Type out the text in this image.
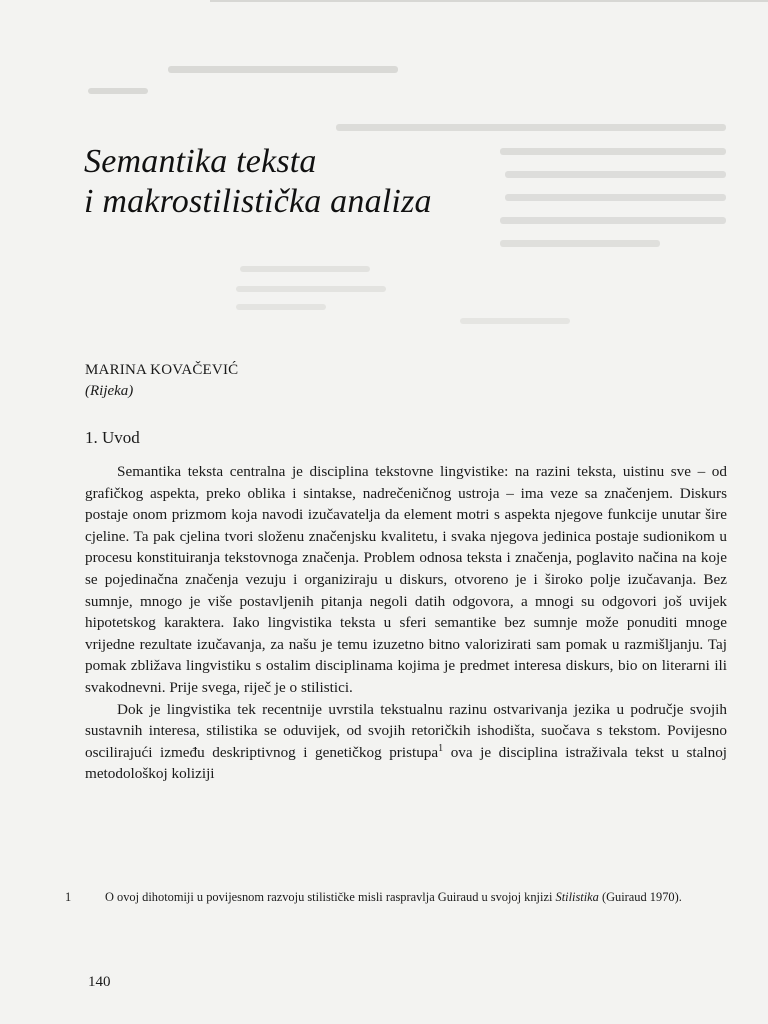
Semantika teksta
i makrostilistička analiza
MARINA KOVAČEVIĆ
(Rijeka)
1. Uvod

Semantika teksta centralna je disciplina tekstovne lingvistike: na razini teksta, uistinu sve – od grafičkog aspekta, preko oblika i sintakse, nadrečeničnog ustroja – ima veze sa značenjem. Diskurs postaje onom prizmom koja navodi izučavatelja da element motri s aspekta njegove funkcije unutar šire cjeline. Ta pak cjelina tvori složenu značenjsku kvalitetu, i svaka njegova jedinica postaje sudionikom u procesu konstituiranja tekstovnoga značenja. Problem odnosa teksta i značenja, poglavito načina na koje se pojedinačna značenja vezuju i organiziraju u diskurs, otvoreno je i široko polje izučavanja. Bez sumnje, mnogo je više postavljenih pitanja negoli datih odgovora, a mnogi su odgovori još uvijek hipotetskog karaktera. Iako lingvistika teksta u sferi semantike bez sumnje može ponuditi mnoge vrijedne rezultate izučavanja, za našu je temu izuzetno bitno valorizirati sam pomak u razmišljanju. Taj pomak zbližava lingvistiku s ostalim disciplinama kojima je predmet interesa diskurs, bio on literarni ili svakodnevni. Prije svega, riječ je o stilistici.

Dok je lingvistika tek recentnije uvrstila tekstualnu razinu ostvarivanja jezika u područje svojih sustavnih interesa, stilistika se oduvijek, od svojih retoričkih ishodišta, suočava s tekstom. Povijesno oscilirajući između deskriptivnog i genetičkog pristupa$^1$ ova je disciplina istraživala tekst u stalnoj metodološkoj koliziji

1	O ovoj dihotomiji u povijesnom razvoju stilističke misli raspravlja Guiraud u svojoj knjizi Stilistika (Guiraud 1970).

140
